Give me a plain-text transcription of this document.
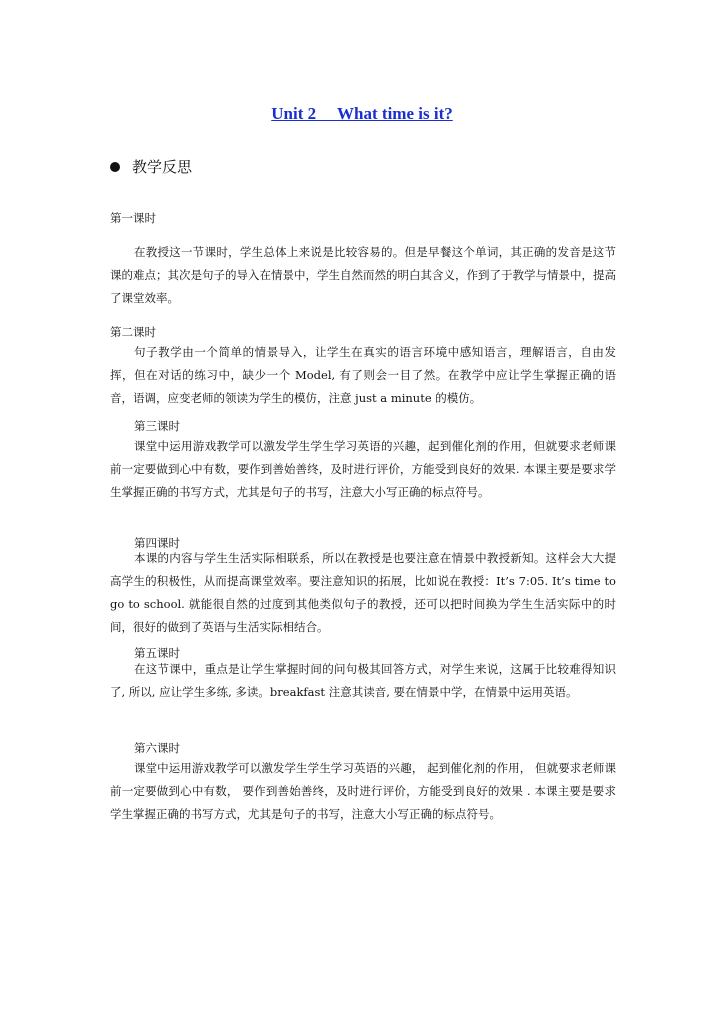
Unit 2     What time is it?
教学反思
第一课时
在教授这一节课时，学生总体上来说是比较容易的。但是早餐这个单词，其正确的发音是这节课的难点；其次是句子的导入在情景中，学生自然而然的明白其含义，作到了于教学与情景中，提高了课堂效率。
第二课时
句子教学由一个简单的情景导入，让学生在真实的语言环境中感知语言，理解语言，自由发挥，但在对话的练习中，缺少一个 Model, 有了则会一目了然。在教学中应让学生掌握正确的语音，语调，应变老师的领读为学生的模仿，注意 just a minute 的模仿。
第三课时
课堂中运用游戏教学可以激发学生学生学习英语的兴趣，起到催化剂的作用，但就要求老师课前一定要做到心中有数，要作到善始善终，及时进行评价，方能受到良好的效果. 本课主要是要求学生掌握正确的书写方式，尤其是句子的书写，注意大小写正确的标点符号。
第四课时
本课的内容与学生生活实际相联系，所以在教授是也要注意在情景中教授新知。这样会大大提高学生的积极性，从而提高课堂效率。要注意知识的拓展，比如说在教授：It’s 7:05. It’s time to go to school. 就能很自然的过度到其他类似句子的教授，还可以把时间换为学生生活实际中的时间，很好的做到了英语与生活实际相结合。
第五课时
在这节课中，重点是让学生掌握时间的问句极其回答方式，对学生来说，这属于比较难得知识了, 所以, 应让学生多练, 多读。breakfast 注意其读音, 要在情景中学，在情景中运用英语。
第六课时
课堂中运用游戏教学可以激发学生学生学习英语的兴趣， 起到催化剂的作用， 但就要求老师课前一定要做到心中有数， 要作到善始善终，及时进行评价，方能受到良好的效果 . 本课主要是要求学生掌握正确的书写方式，尤其是句子的书写，注意大小写正确的标点符号。
